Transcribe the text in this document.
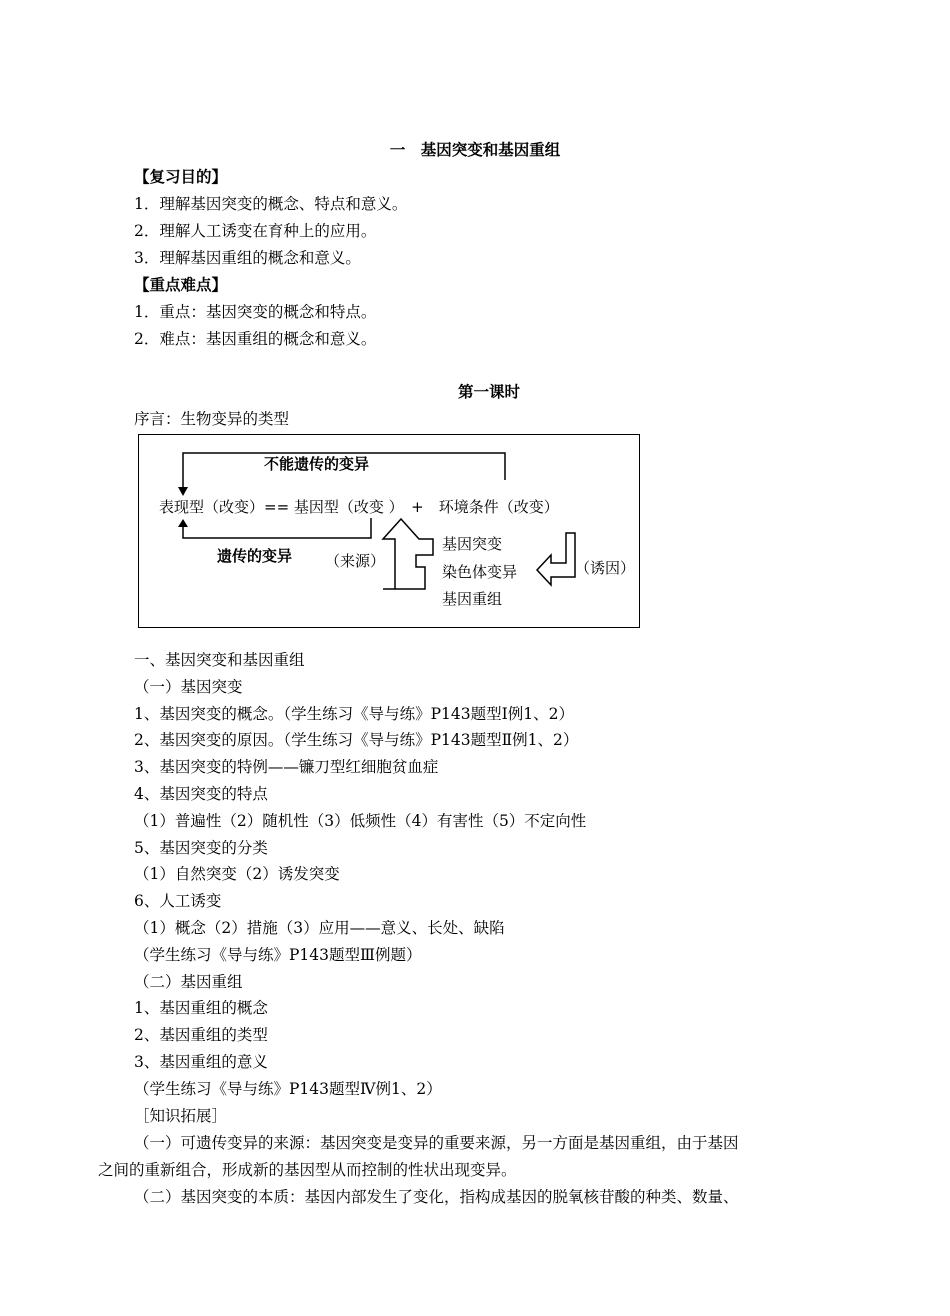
一　基因突变和基因重组
【复习目的】
1．理解基因突变的概念、特点和意义。
2．理解人工诱变在育种上的应用。
3．理解基因重组的概念和意义。
【重点难点】
1．重点：基因突变的概念和特点。
2．难点：基因重组的概念和意义。
第一课时
序言：生物变异的类型
不能遗传的变异
表现型（改变）== 基因型（改变 ）　+　环境条件（改变）
遗传的变异 （来源）
基因突变
染色体变异
基因重组
（诱因）
一、基因突变和基因重组
（一）基因突变
1、基因突变的概念。（学生练习《导与练》P143题型Ⅰ例1、2）
2、基因突变的原因。（学生练习《导与练》P143题型Ⅱ例1、2）
3、基因突变的特例——镰刀型红细胞贫血症
4、基因突变的特点
（1）普遍性（2）随机性（3）低频性（4）有害性（5）不定向性
5、基因突变的分类
（1）自然突变（2）诱发突变
6、人工诱变
（1）概念（2）措施（3）应用——意义、长处、缺陷
（学生练习《导与练》P143题型Ⅲ例题）
（二）基因重组
1、基因重组的概念
2、基因重组的类型
3、基因重组的意义
（学生练习《导与练》P143题型Ⅳ例1、2）
［知识拓展］
（一）可遗传变异的来源：基因突变是变异的重要来源，另一方面是基因重组，由于基因
之间的重新组合，形成新的基因型从而控制的性状出现变异。
（二）基因突变的本质：基因内部发生了变化，指构成基因的脱氧核苷酸的种类、数量、
